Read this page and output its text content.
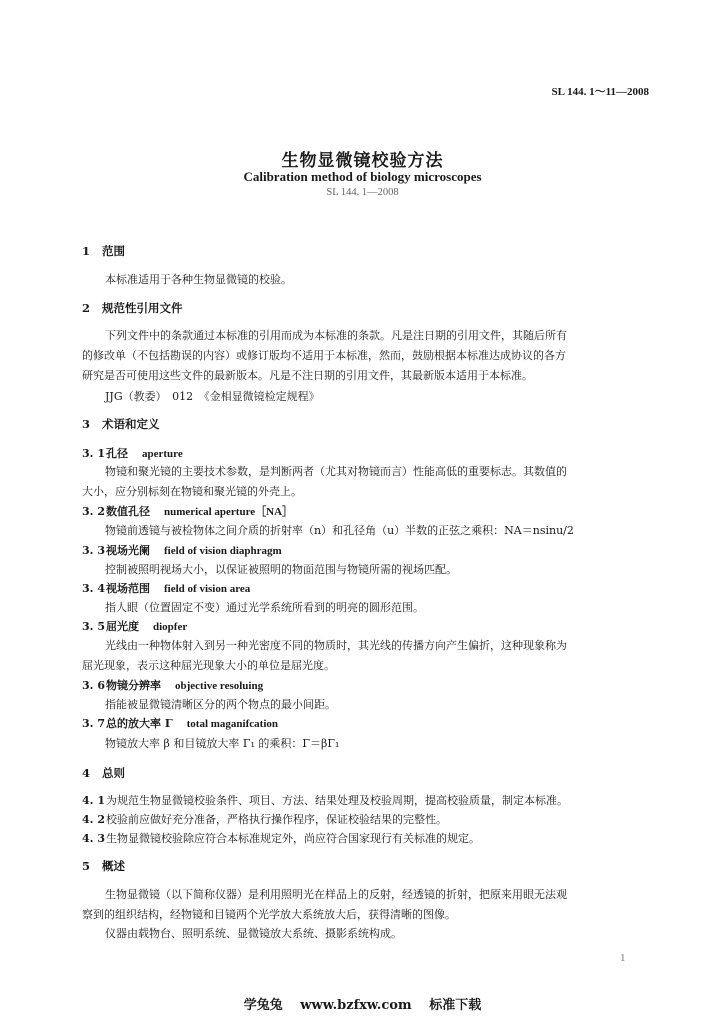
SL 144. 1～11—2008
生物显微镜校验方法
Calibration method of biology microscopes
SL 144. 1—2008
1 范围
本标准适用于各种生物显微镜的校验。
2 规范性引用文件
下列文件中的条款通过本标准的引用而成为本标准的条款。凡是注日期的引用文件，其随后所有
的修改单（不包括勘误的内容）或修订版均不适用于本标准，然而，鼓励根据本标准达成协议的各方
研究是否可使用这些文件的最新版本。凡是不注日期的引用文件，其最新版本适用于本标准。
JJG（教委）　012　《金相显微镜检定规程》
3 术语和定义
3. 1孔径 aperture
物镜和聚光镜的主要技术参数，是判断两者（尤其对物镜而言）性能高低的重要标志。其数值的
大小，应分别标刻在物镜和聚光镜的外壳上。
3. 2数值孔径 numerical aperture［NA］
物镜前透镜与被检物体之间介质的折射率（n）和孔径角（u）半数的正弦之乘积：NA＝nsinu/2
3. 3视场光阑 field of vision diaphragm
控制被照明视场大小，以保证被照明的物面范围与物镜所需的视场匹配。
3. 4视场范围 field of vision area
指人眼（位置固定不变）通过光学系统所看到的明亮的圆形范围。
3. 5屈光度 diopfer
光线由一种物体射入到另一种光密度不同的物质时，其光线的传播方向产生偏折，这种现象称为
屈光现象，表示这种屈光现象大小的单位是屈光度。
3. 6物镜分辨率 objective resoluing
指能被显微镜清晰区分的两个物点的最小间距。
3. 7总的放大率 Γ total maganifcation
物镜放大率 β 和目镜放大率 Γ₁ 的乘积：Γ＝βΓ₁
4 总则
4. 1为规范生物显微镜校验条件、项目、方法、结果处理及校验周期，提高校验质量，制定本标准。
4. 2校验前应做好充分准备，严格执行操作程序，保证校验结果的完整性。
4. 3生物显微镜校验除应符合本标准规定外，尚应符合国家现行有关标准的规定。
5 概述
生物显微镜（以下简称仪器）是利用照明光在样品上的反射，经透镜的折射，把原来用眼无法观
察到的组织结构，经物镜和目镜两个光学放大系统放大后，获得清晰的图像。
仪器由载物台、照明系统、显微镜放大系统、摄影系统构成。
1
学兔兔　 www.bzfxw.com　 标准下载
